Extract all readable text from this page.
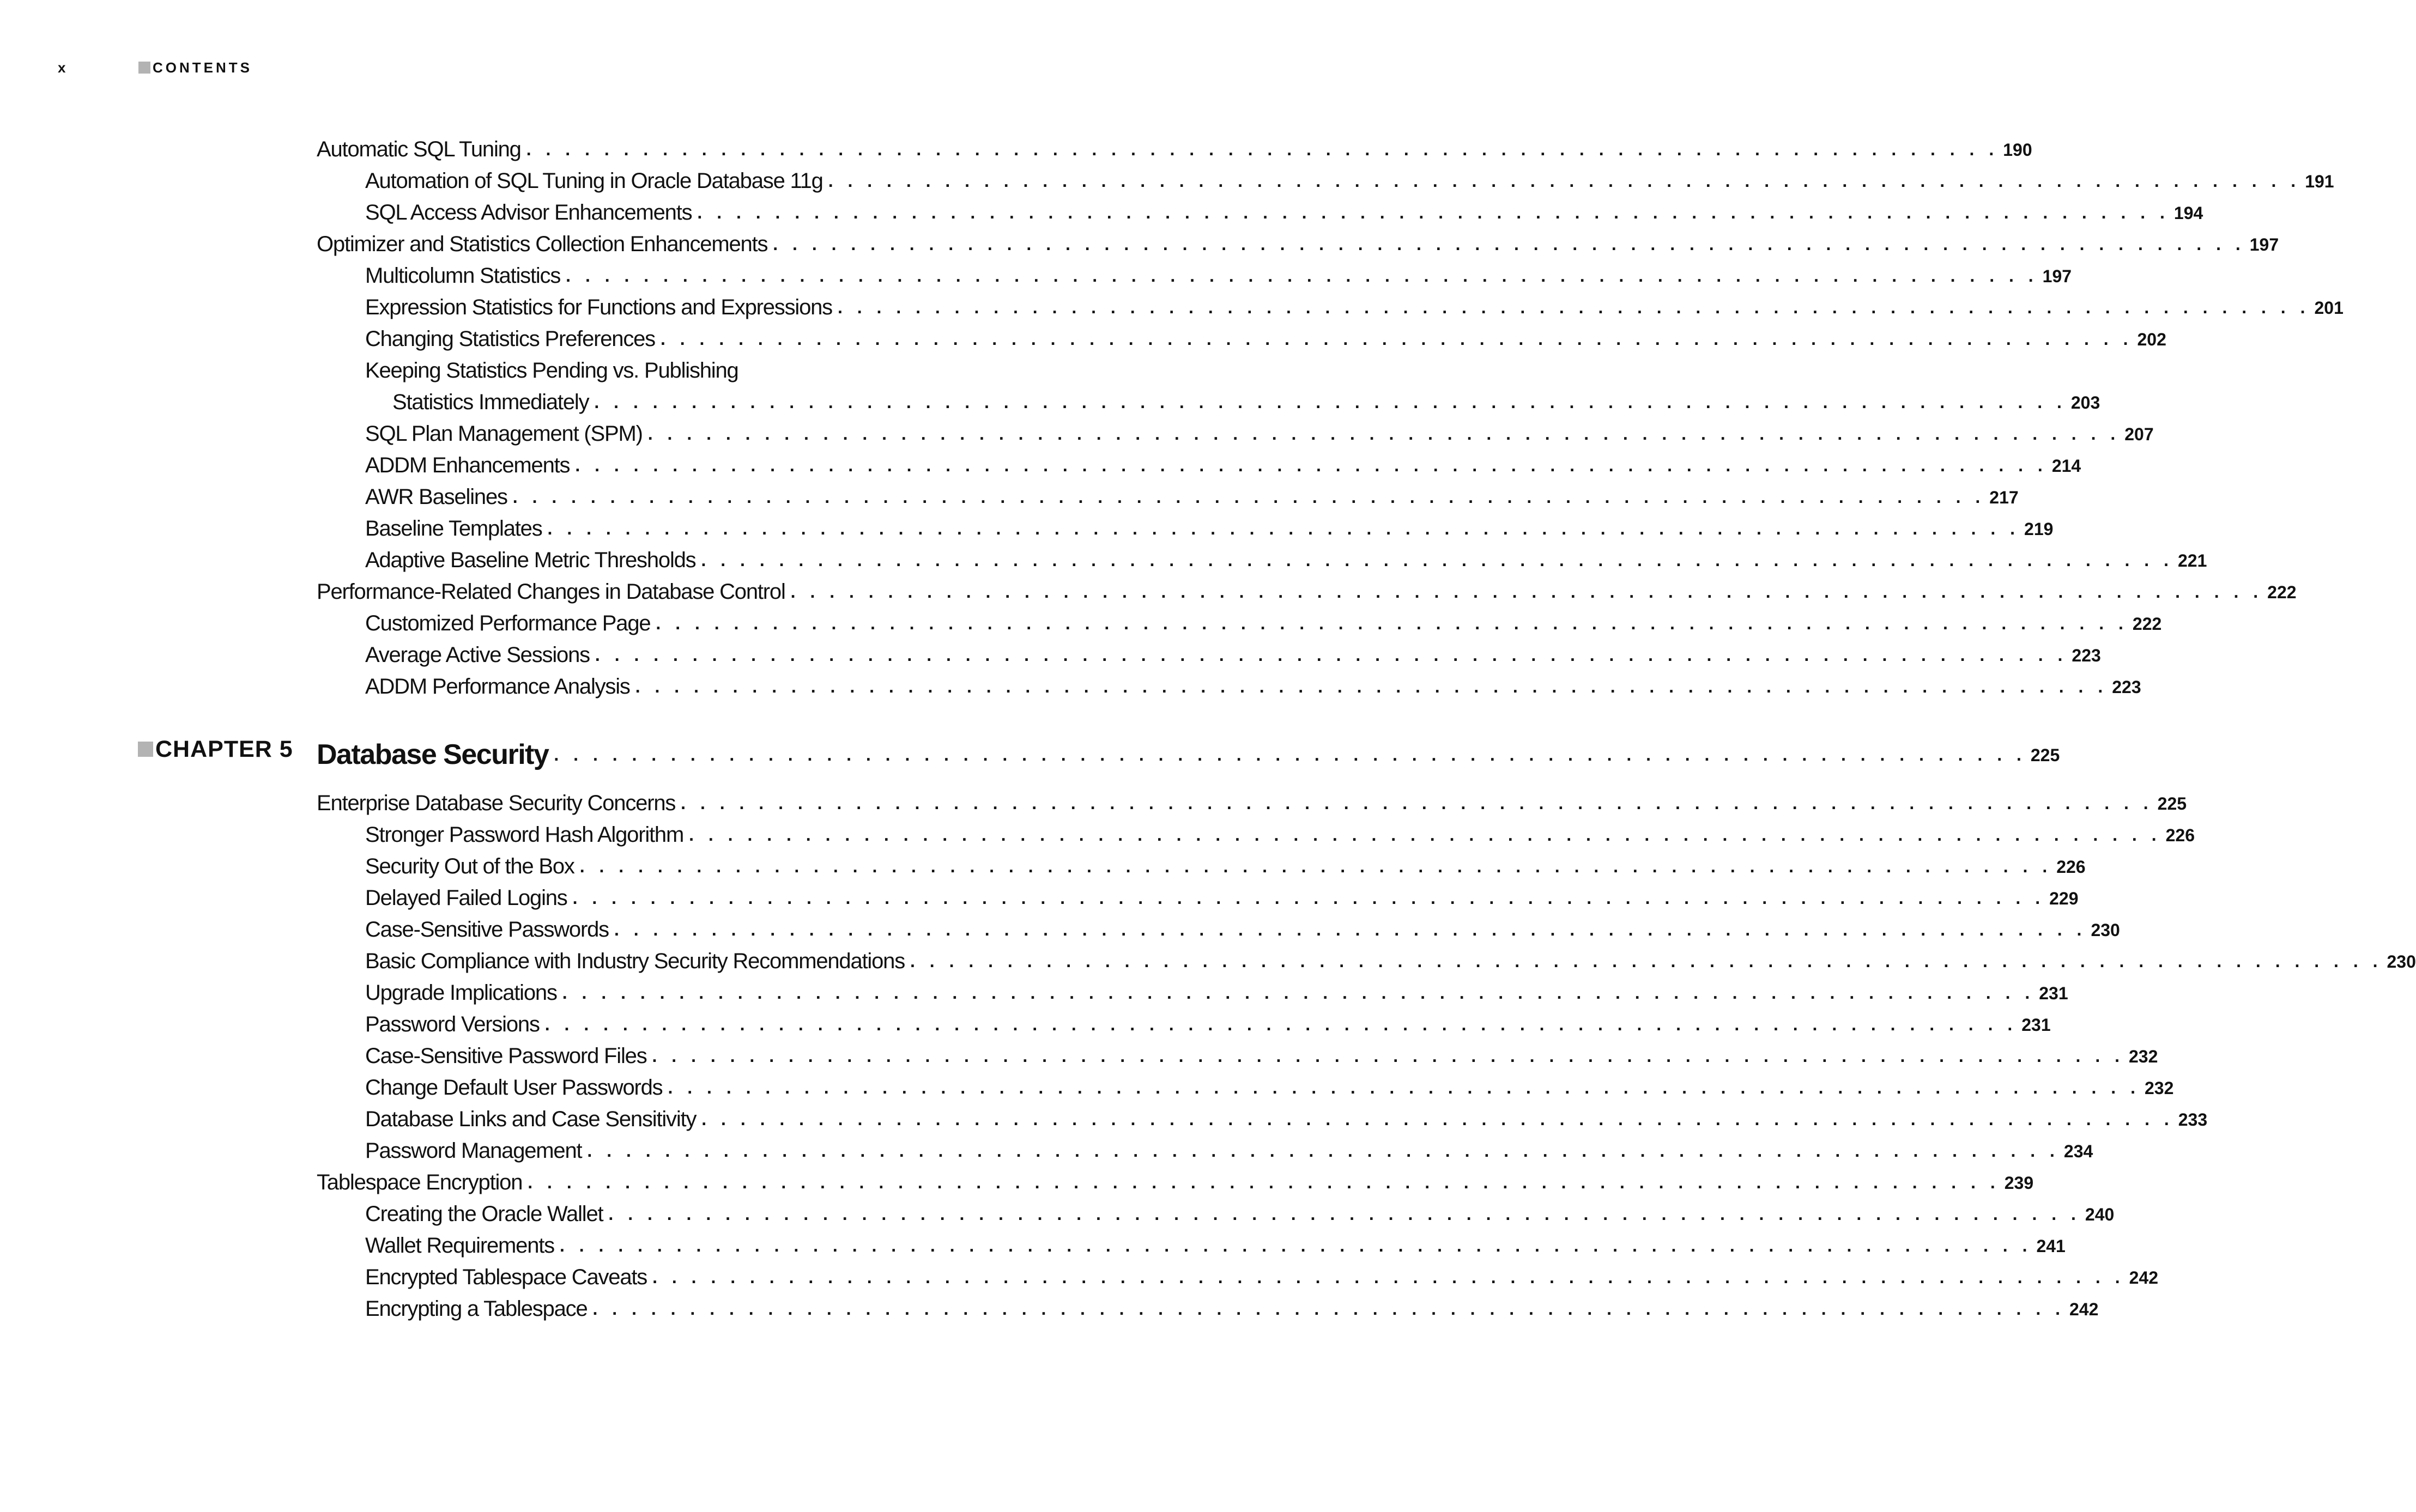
x	CONTENTS
Automatic SQL Tuning . . . . . . . . . . . . . . . . . . . . . . . . . . . . . . . . . . . . . . . . . . . . . . . . . . . . . . . . . . . . . . . . . . . . . . . . . . . . 190
Automation of SQL Tuning in Oracle Database 11g . . . . . . . . . . . . . . . . . . . . . . . . . . . . . . . . . . . . . . . . . . . . . . . . . . . . . . . . . . . . . . . . . . . . . . . . . . . . 191
SQL Access Advisor Enhancements . . . . . . . . . . . . . . . . . . . . . . . . . . . . . . . . . . . . . . . . . . . . . . . . . . . . . . . . . . . . . . . . . . . . . . . . . . . . 194
Optimizer and Statistics Collection Enhancements . . . . . . . . . . . . . . . . . . . . . . . . . . . . . . . . . . . . . . . . . . . . . . . . . . . . . . . . . . . . . . . . . . . . . . . . . . . . 197
Multicolumn Statistics . . . . . . . . . . . . . . . . . . . . . . . . . . . . . . . . . . . . . . . . . . . . . . . . . . . . . . . . . . . . . . . . . . . . . . . . . . . . 197
Expression Statistics for Functions and Expressions . . . . . . . . . . . . . . . . . . . . . . . . . . . . . . . . . . . . . . . . . . . . . . . . . . . . . . . . . . . . . . . . . . . . . . . . . . . . 201
Changing Statistics Preferences . . . . . . . . . . . . . . . . . . . . . . . . . . . . . . . . . . . . . . . . . . . . . . . . . . . . . . . . . . . . . . . . . . . . . . . . . . . . 202
Keeping Statistics Pending vs. Publishing
Statistics Immediately . . . . . . . . . . . . . . . . . . . . . . . . . . . . . . . . . . . . . . . . . . . . . . . . . . . . . . . . . . . . . . . . . . . . . . . . . . . . 203
SQL Plan Management (SPM) . . . . . . . . . . . . . . . . . . . . . . . . . . . . . . . . . . . . . . . . . . . . . . . . . . . . . . . . . . . . . . . . . . . . . . . . . . . . 207
ADDM Enhancements . . . . . . . . . . . . . . . . . . . . . . . . . . . . . . . . . . . . . . . . . . . . . . . . . . . . . . . . . . . . . . . . . . . . . . . . . . . . 214
AWR Baselines . . . . . . . . . . . . . . . . . . . . . . . . . . . . . . . . . . . . . . . . . . . . . . . . . . . . . . . . . . . . . . . . . . . . . . . . . . . . 217
Baseline Templates . . . . . . . . . . . . . . . . . . . . . . . . . . . . . . . . . . . . . . . . . . . . . . . . . . . . . . . . . . . . . . . . . . . . . . . . . . . . 219
Adaptive Baseline Metric Thresholds . . . . . . . . . . . . . . . . . . . . . . . . . . . . . . . . . . . . . . . . . . . . . . . . . . . . . . . . . . . . . . . . . . . . . . . . . . . . 221
Performance-Related Changes in Database Control . . . . . . . . . . . . . . . . . . . . . . . . . . . . . . . . . . . . . . . . . . . . . . . . . . . . . . . . . . . . . . . . . . . . . . . . . . . . 222
Customized Performance Page . . . . . . . . . . . . . . . . . . . . . . . . . . . . . . . . . . . . . . . . . . . . . . . . . . . . . . . . . . . . . . . . . . . . . . . . . . . . 222
Average Active Sessions . . . . . . . . . . . . . . . . . . . . . . . . . . . . . . . . . . . . . . . . . . . . . . . . . . . . . . . . . . . . . . . . . . . . . . . . . . . . 223
ADDM Performance Analysis . . . . . . . . . . . . . . . . . . . . . . . . . . . . . . . . . . . . . . . . . . . . . . . . . . . . . . . . . . . . . . . . . . . . . . . . . . . . 223
CHAPTER 5 Database Security . . . . . . . . . . . . . . . . . . . . . . . . . . . . . . . . . . . . . . . . . . . . . . . . . . . . . . . . . . . . . . . . . . . . . . . . . . . . 225
Enterprise Database Security Concerns . . . . . . . . . . . . . . . . . . . . . . . . . . . . . . . . . . . . . . . . . . . . . . . . . . . . . . . . . . . . . . . . . . . . . . . . . . . . 225
Stronger Password Hash Algorithm . . . . . . . . . . . . . . . . . . . . . . . . . . . . . . . . . . . . . . . . . . . . . . . . . . . . . . . . . . . . . . . . . . . . . . . . . . . . 226
Security Out of the Box . . . . . . . . . . . . . . . . . . . . . . . . . . . . . . . . . . . . . . . . . . . . . . . . . . . . . . . . . . . . . . . . . . . . . . . . . . . . 226
Delayed Failed Logins . . . . . . . . . . . . . . . . . . . . . . . . . . . . . . . . . . . . . . . . . . . . . . . . . . . . . . . . . . . . . . . . . . . . . . . . . . . . 229
Case-Sensitive Passwords . . . . . . . . . . . . . . . . . . . . . . . . . . . . . . . . . . . . . . . . . . . . . . . . . . . . . . . . . . . . . . . . . . . . . . . . . . . . 230
Basic Compliance with Industry Security Recommendations . . . . . . . . . . . . . . . . . . . . . . . . . . . . . . . . . . . . . . . . . . . . . . . . . . . . . . . . . . . . . . . . . . . . . . . . . . . . 230
Upgrade Implications . . . . . . . . . . . . . . . . . . . . . . . . . . . . . . . . . . . . . . . . . . . . . . . . . . . . . . . . . . . . . . . . . . . . . . . . . . . . 231
Password Versions . . . . . . . . . . . . . . . . . . . . . . . . . . . . . . . . . . . . . . . . . . . . . . . . . . . . . . . . . . . . . . . . . . . . . . . . . . . . 231
Case-Sensitive Password Files . . . . . . . . . . . . . . . . . . . . . . . . . . . . . . . . . . . . . . . . . . . . . . . . . . . . . . . . . . . . . . . . . . . . . . . . . . . . 232
Change Default User Passwords . . . . . . . . . . . . . . . . . . . . . . . . . . . . . . . . . . . . . . . . . . . . . . . . . . . . . . . . . . . . . . . . . . . . . . . . . . . . 232
Database Links and Case Sensitivity . . . . . . . . . . . . . . . . . . . . . . . . . . . . . . . . . . . . . . . . . . . . . . . . . . . . . . . . . . . . . . . . . . . . . . . . . . . . 233
Password Management . . . . . . . . . . . . . . . . . . . . . . . . . . . . . . . . . . . . . . . . . . . . . . . . . . . . . . . . . . . . . . . . . . . . . . . . . . . . 234
Tablespace Encryption . . . . . . . . . . . . . . . . . . . . . . . . . . . . . . . . . . . . . . . . . . . . . . . . . . . . . . . . . . . . . . . . . . . . . . . . . . . . 239
Creating the Oracle Wallet . . . . . . . . . . . . . . . . . . . . . . . . . . . . . . . . . . . . . . . . . . . . . . . . . . . . . . . . . . . . . . . . . . . . . . . . . . . . 240
Wallet Requirements . . . . . . . . . . . . . . . . . . . . . . . . . . . . . . . . . . . . . . . . . . . . . . . . . . . . . . . . . . . . . . . . . . . . . . . . . . . . 241
Encrypted Tablespace Caveats . . . . . . . . . . . . . . . . . . . . . . . . . . . . . . . . . . . . . . . . . . . . . . . . . . . . . . . . . . . . . . . . . . . . . . . . . . . . 242
Encrypting a Tablespace . . . . . . . . . . . . . . . . . . . . . . . . . . . . . . . . . . . . . . . . . . . . . . . . . . . . . . . . . . . . . . . . . . . . . . . . . . . . 242
